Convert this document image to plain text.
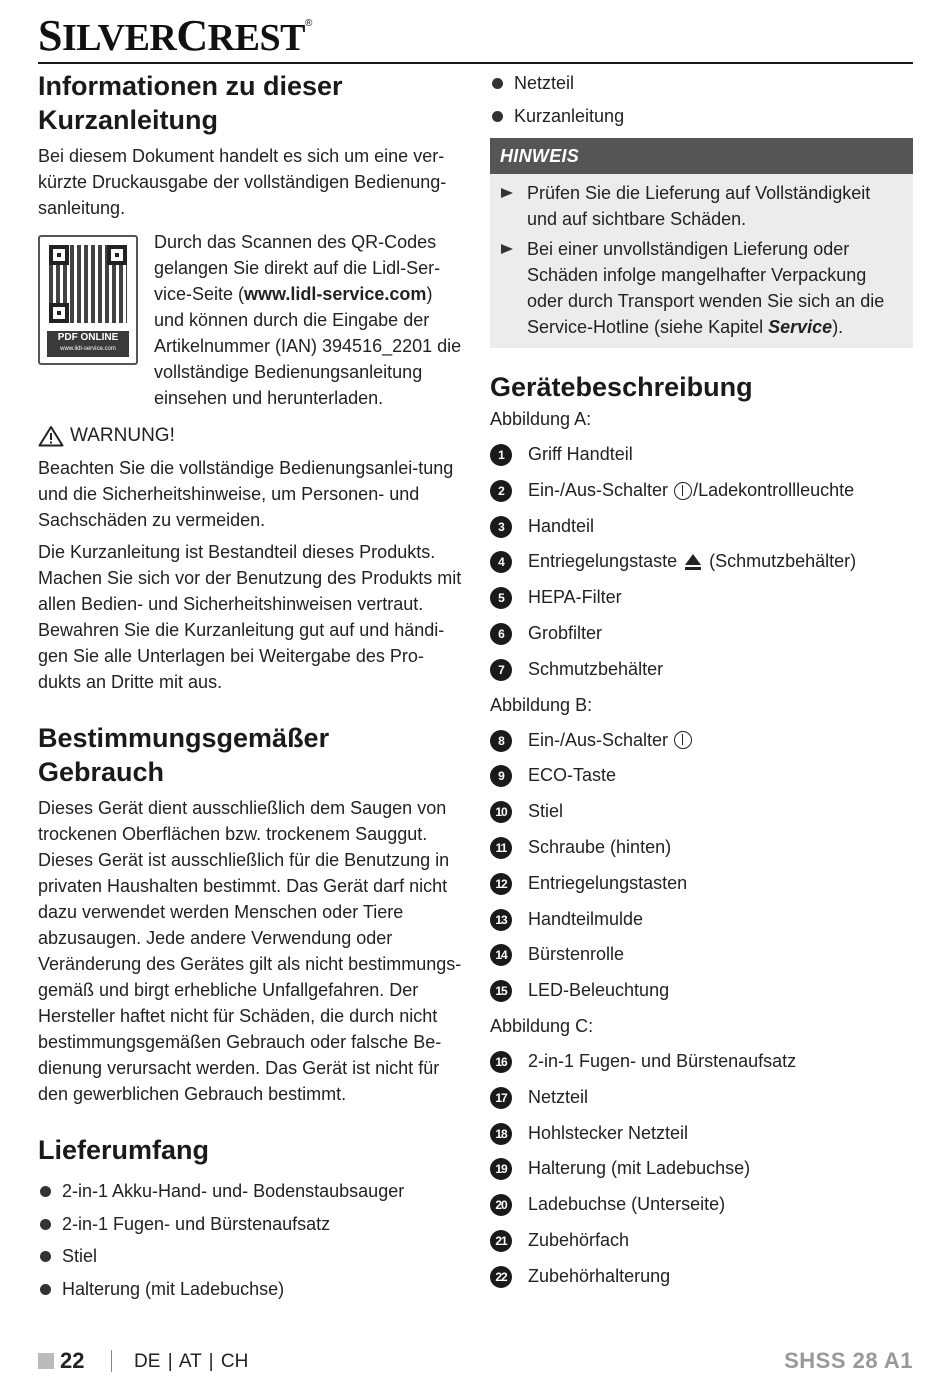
SILVERCREST®
Informationen zu dieser Kurzanleitung

Bei diesem Dokument handelt es sich um eine ver-kürzte Druckausgabe der vollständigen Bedienung-sanleitung.

PDF ONLINE
www.lidl-service.com

Durch das Scannen des QR-Codes gelangen Sie direkt auf die Lidl-Ser-vice-Seite (www.lidl-service.com) und können durch die Eingabe der Artikelnummer (IAN) 394516_2201 die vollständige Bedienungsanleitung einsehen und herunterladen.

WARNUNG!

Beachten Sie die vollständige Bedienungsanlei-tung und die Sicherheitshinweise, um Personen- und Sachschäden zu vermeiden.

Die Kurzanleitung ist Bestandteil dieses Produkts. Machen Sie sich vor der Benutzung des Produkts mit allen Bedien- und Sicherheitshinweisen vertraut. Bewahren Sie die Kurzanleitung gut auf und händi-gen Sie alle Unterlagen bei Weitergabe des Pro-dukts an Dritte mit aus.

Bestimmungsgemäßer Gebrauch

Dieses Gerät dient ausschließlich dem Saugen von trockenen Oberflächen bzw. trockenem Sauggut. Dieses Gerät ist ausschließlich für die Benutzung in privaten Haushalten bestimmt. Das Gerät darf nicht dazu verwendet werden Menschen oder Tiere abzusaugen. Jede andere Verwendung oder Veränderung des Gerätes gilt als nicht bestimmungs-gemäß und birgt erhebliche Unfallgefahren. Der Hersteller haftet nicht für Schäden, die durch nicht bestimmungsgemäßen Gebrauch oder falsche Be-dienung verursacht werden. Das Gerät ist nicht für den gewerblichen Gebrauch bestimmt.

Lieferumfang
2-in-1 Akku-Hand- und- Bodenstaubsauger
2-in-1 Fugen- und Bürstenaufsatz
Stiel
Halterung (mit Ladebuchse)
Netzteil
Kurzanleitung
HINWEIS
Prüfen Sie die Lieferung auf Vollständigkeit und auf sichtbare Schäden.
Bei einer unvollständigen Lieferung oder Schäden infolge mangelhafter Verpackung oder durch Transport wenden Sie sich an die Service-Hotline (siehe Kapitel Service).
Gerätebeschreibung
Abbildung A:
1	Griff Handteil
2	Ein-/Aus-Schalter /Ladekontrollleuchte
3	Handteil
4	Entriegelungstaste (Schmutzbehälter)
5	HEPA-Filter
6	Grobfilter
7	Schmutzbehälter
Abbildung B:
8	Ein-/Aus-Schalter
9	ECO-Taste
10 Stiel
11	Schraube (hinten)
12 Entriegelungstasten
13 Handteilmulde
14 Bürstenrolle
15 LED-Beleuchtung
Abbildung C:
16 2-in-1 Fugen- und Bürstenaufsatz
17 Netzteil
18 Hohlstecker Netzteil
19 Halterung (mit Ladebuchse)
20 Ladebuchse (Unterseite)
21 Zubehörfach
22 Zubehörhalterung
22	DE | AT | CH	SHSS 28 A1
